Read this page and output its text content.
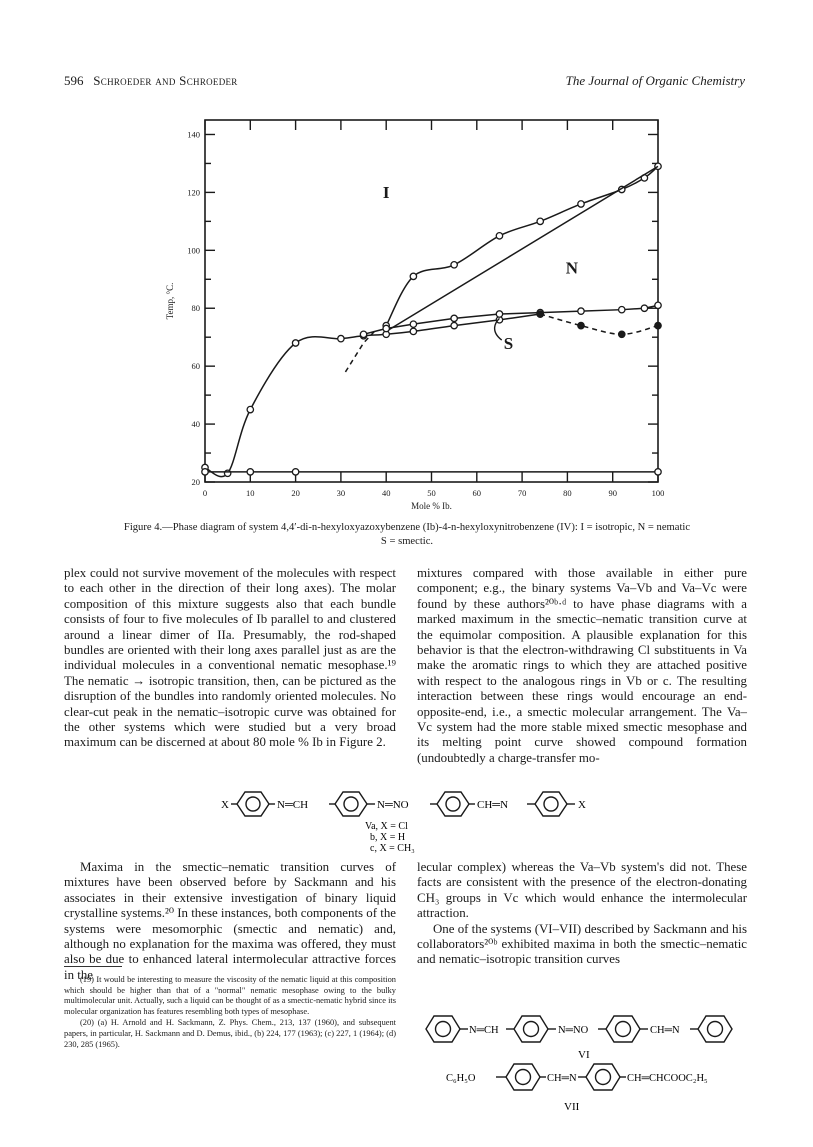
596 Schroeder and Schroeder	The Journal of Organic Chemistry
0	10	20	30	40	50	60	70	80	90	100
20
40
60
80
100
120
140
Mole % Ib.
Temp, °C.
I
N
S
Figure 4.—Phase diagram of system 4,4′-di-n-hexyloxyazoxybenzene (Ib)-4-n-hexyloxynitrobenzene (IV): I = isotropic, N = nematic
S = smectic.

plex could not survive movement of the molecules with respect to each other in the direction of their long axes). The molar composition of this mixture suggests also that each bundle consists of four to five molecules of Ib parallel to and clustered around a linear dimer of IIa. Presumably, the rod-shaped bundles are oriented with their long axes parallel just as are the individual molecules in a conventional nematic mesophase.¹⁹ The nematic → isotropic transition, then, can be pictured as the disruption of the bundles into randomly oriented molecules. No clear-cut peak in the nematic–isotropic curve was obtained for the other systems which were studied but a very broad maximum can be discerned at about 80 mole % Ib in Figure 2.

mixtures compared with those available in either pure component; e.g., the binary systems Va–Vb and Va–Vc were found by these authors²⁰ᵇ·ᵈ to have phase diagrams with a marked maximum in the smectic–nematic transition curve at the equimolar composition. A plausible explanation for this behavior is that the electron-withdrawing Cl substituents in Va make the aromatic rings to which they are attached positive with respect to the analogous rings in Vb or c. The resulting interaction between these rings would encourage an end-opposite-end, i.e., a smectic molecular arrangement. The Va–Vc system had the more stable mixed smectic mesophase and its melting point curve showed compound formation (undoubtedly a charge-transfer mo-

X	N═CH	N═NO	CH═N	X
Va, X = Cl
b, X = H
c, X = CH₃

Maxima in the smectic–nematic transition curves of mixtures have been observed before by Sackmann and his associates in their extensive investigation of binary liquid crystalline systems.²⁰ In these instances, both components of the systems were mesomorphic (smectic and nematic) and, although no explanation for the maxima was offered, they must also be due to enhanced lateral intermolecular attractive forces in the

lecular complex) whereas the Va–Vb system's did not. These facts are consistent with the presence of the electron-donating CH₃ groups in Vc which would enhance the intermolecular attraction.

One of the systems (VI–VII) described by Sackmann and his collaborators²⁰ᵇ exhibited maxima in both the smectic–nematic and nematic–isotropic transition curves

N═CH	N═NO	CH═N
VI
C₆H₅O	CH═N	CH═CHCOOC₂H₅
VII

(19) It would be interesting to measure the viscosity of the nematic liquid at this composition which should be higher than that of a "normal" nematic mesophase owing to the bulky multimolecular unit. Actually, such a liquid can be thought of as a smectic-nematic hybrid since its molecular organization has features resembling both types of mesophase.

(20) (a) H. Arnold and H. Sackmann, Z. Phys. Chem., 213, 137 (1960), and subsequent papers, in particular, H. Sackmann and D. Demus, ibid., (b) 224, 177 (1963); (c) 227, 1 (1964); (d) 230, 285 (1965).
